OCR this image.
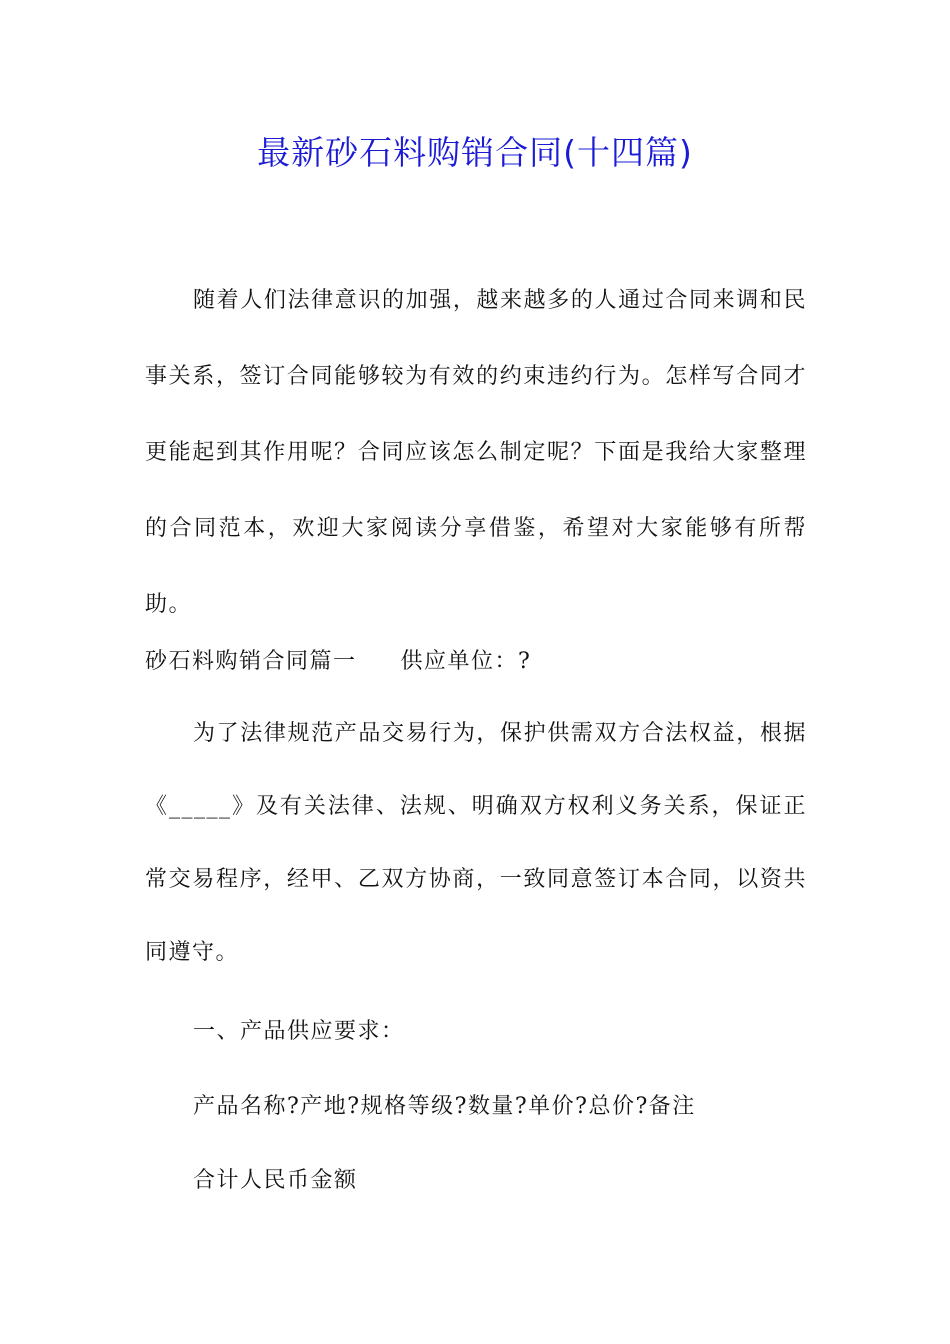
最新砂石料购销合同(十四篇)

随着人们法律意识的加强，越来越多的人通过合同来调和民事关系，签订合同能够较为有效的约束违约行为。怎样写合同才更能起到其作用呢？合同应该怎么制定呢？下面是我给大家整理的合同范本，欢迎大家阅读分享借鉴，希望对大家能够有所帮助。

砂石料购销合同篇一 供应单位：?

为了法律规范产品交易行为，保护供需双方合法权益，根据《_____》及有关法律、法规、明确双方权利义务关系，保证正常交易程序，经甲、乙双方协商，一致同意签订本合同，以资共同遵守。

一、产品供应要求：

产品名称?产地?规格等级?数量?单价?总价?备注

合计人民币金额
